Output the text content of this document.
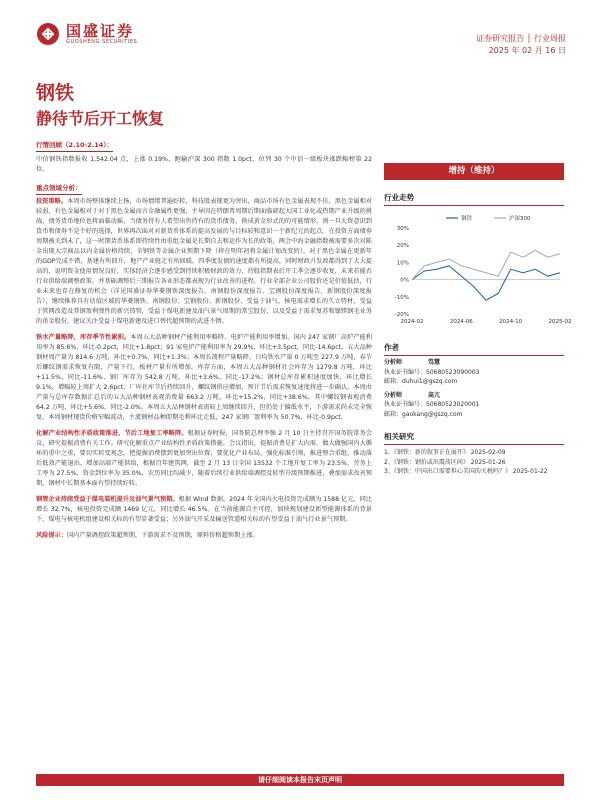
国盛证券
GUOSHENG SECURITIES	证券研究报告 │ 行业周报
2025 年 02 月 16 日
钢铁
静待节后开工恢复
行情回顾（2.10-2.14）：
中信钢铁指数报收 1,542.04 点，上涨 0.19%，跑输沪深 300 指数 1.0pct，位列 30 个中信一级板块涨跌幅榜第 22 位。
重点领域分析：
投资策略。本周市场整体继续上扬，市场情绪普遍好转，科技股表现更为突出，商品市场有色金属表现不佳，黑色金属相对较弱，有色金属相对于对于黑色金属而言金融属性更强，主导因在特朗普周期后期面临磋起大国工业化或热期产业升级的挑战，债务货币地位也将面临动摇，当债务持有人希望出售持有的货币债务，换成黄金形式的的可能情形，则一旦大资意识到货币和债券不是个好的选择，世界再次面对对新货币体系的提高发展的与目标较和意识一个新纪元的起点。在投资方面债券周期被关到未了，这一时期货币体系即持续性由重组金属是长期自去和运作为长的政策，两会中海金融指数被需要多次对陈金出现大宗商品以内金属价格持续，全钢铁等金属企业预期下降（将在明年初将金属计划改变的），对于黑色金属在更新年的GDP完成不错，基建有所回升，地产产业链走有所回暖，四季度发债的速度都有所提高，同时财政升发政都得到了大大提高的，说明资金使用情况良好，实体经济会逐步感受到持续积极财政的效力，待股指期表后开工季会逐步收复，未来若能否行业供给端调整政策，并基础调整后三期报告各业形态都表现为行业改善的进程，行业全部企业公司股价还是价值低估，行业未来也存在修复的机会（详见国盛证券华菱钢铁深度报告、南钢股份深度报告、宝钢股份深度报告、新钢股份深度报告），继续推荐具有估值区域的华菱钢铁、南钢股份、宝钢股份、新钢股份、受益于油气、核电需求增长的久立特材，受益于管网改造及普钢盈利弹性的新兴铸管，受益于煤电新建及油气景气周期的常宝股份，以及受益于需求复苏和镍镁钢毛业务的甬金股份，建议关注受益于煤电新建及进口替代超预期的武进不锈。
铁水产量略降，库存季节性累积。本周五大品种钢材产能利用率略降。电炉产能利用率增加，国内 247 家钢厂高炉产能利用率为 85.6%，环比-0.2pct，同比+1.8pct；91 家电炉产能利用率为 29.9%，环比+3.5pct，同比-14.6pct。五大品种钢材周产量为 814.6 万吨，环比+0.7%，同比+1.3%；本周长流程产量略降，日均铁水产量 0 万吨至 227.9 万吨，春节后螺纹钢需求恢复有限，产量下行，板材产量有所增加。库存方面，本周五大品种钢材社会库存为 1279.8 万吨，环比+11.5%，同比-11.6%，钢厂库存为 542.8 万吨，环比+3.6%，同比-17.2%；钢材总库存累积速度加快，环比增长 9.1%，增幅较上周扩大 2.6pct，厂库社库节后持续回升，螺纹钢供应增加，预计节后需求恢复速度将进一步确认。本周由产量与总库存数据汇总后的五大品种钢材表观消费量 663.2 万吨，环比+15.2%，同比+38.6%，其中螺纹钢表观消费 64.2 万吨，环比+5.6%，同比-2.0%。本周五大品种钢材表需较上周继续回升，但仍处于偏低水平，下游需求尚未完全恢复。本周钢材现货价格窄幅波动，主流钢材品种即期毛利环比走低，247 家钢厂盈利率为 50.7%，环比-0.9pct。
化解产业结构性矛盾政策推进，节后工地复工率略降。根据证券时报，国务院总理李强 2 月 10 日主持召开国务院常务会议，研究提振消费有关工作。研究化解重点产业结构性矛盾政策措施。会议指出，提振消费是扩大内需、做大做强国内大循环的重中之重，要切实转变观念，把提振消费摆到更加突出位置，要优化产业布局，强化标准引领，推进整合重组，推动落后低效产能退出，增加高端产能供给，根据百年建筑网，截至 2 月 13 日全国 13532 个工地开复工率为 23.5%，劳务上工率为 27.5%，资金到位率为 35.0%，农历同比均减少，随着后续行业供给端调控及转型升级预期推进，叠加需求改善预期，钢材中长期基本面有望持续好转。
钢管企业持续受益于煤电装机提升及油气景气预期。根据 Wind 数据，2024 年全国内火电投资完成额为 1588 亿元，同比增长 32.7%，核电投资完成额 1469 亿元，同比增长 46.5%。在当前能源自主可控，加快规划建设新型能源体系的背景下，煤电与核电机组建设相关标的有望显著受益；另外油气开采及输送管道相关标的有望受益于油气行业景气预期。
风险提示：国内产量调控政策超预期，下游需求不及预期，原料价格超预期上涨。
增持（维持）
行业走势
30%
20%
10%
0%
-10%
-20%
2024-02	2024-06	2024-10	2025-02
钢铁	沪深300
作者
分析师	笃慧
执业证书编号：S0680523090003
邮箱：duhui1@gszq.com
分析师	高亢
执业证书编号：S0680523020001
邮箱：gaokang@gszq.com
相关研究
1、《钢铁：新的叙事正在展开》 2025-02-09
2、《钢铁：钢价或出震荡区间》 2025-01-26
3、《钢铁：中国出口需要担心美国的关税吗？》 2025-01-22
请仔细阅读本报告末页声明
